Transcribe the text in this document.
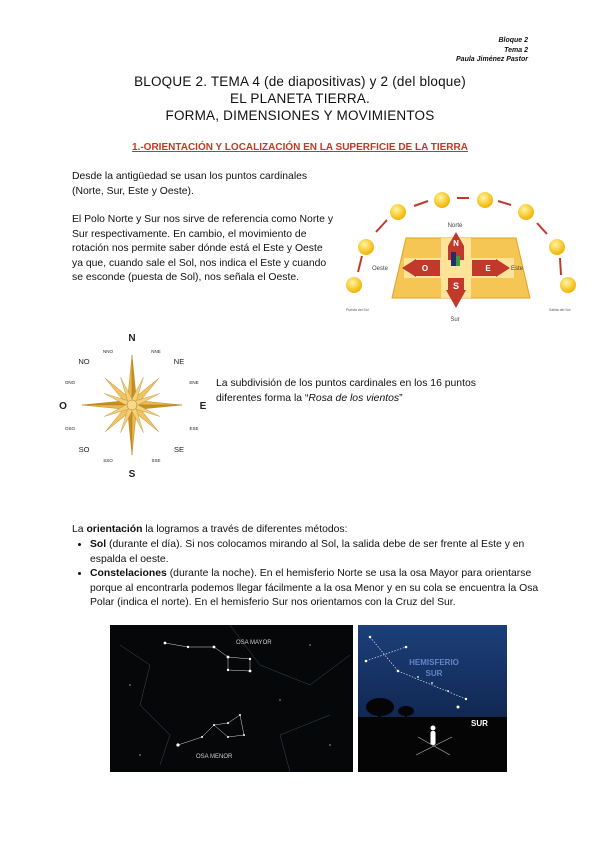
Bloque 2
Tema 2
Paula Jiménez Pastor
BLOQUE 2. TEMA 4 (de diapositivas) y 2 (del bloque)
EL PLANETA TIERRA.
FORMA, DIMENSIONES Y MOVIMIENTOS
1.-ORIENTACIÓN Y LOCALIZACIÓN EN LA SUPERFICIE DE LA TIERRA
Desde la antigüedad se usan los puntos cardinales (Norte, Sur, Este y Oeste).
El Polo Norte y Sur nos sirve de referencia como Norte y Sur respectivamente. En cambio, el movimiento de rotación nos permite saber dónde está el Este y Oeste ya que, cuando sale el Sol, nos indica el Este y cuando se esconde (puesta de Sol), nos señala el Oeste.
N
S
O	E
Norte
Sur
Oeste	Este
Puesta del Sol	Salida del Sol
N
S
E
O
NO	NE
SO	SE
NNO	NNE
ONO	ENE
OSO	ESE
SSO	SSE
La subdivisión de los puntos cardinales en los 16 puntos diferentes forma la “Rosa de los vientos”
La orientación la logramos a través de diferentes métodos:
• Sol (durante el día). Si nos colocamos mirando al Sol, la salida debe de ser frente al Este y en espalda el oeste.
• Constelaciones (durante la noche). En el hemisferio Norte se usa la osa Mayor para orientarse porque al encontrarla podemos llegar fácilmente a la osa Menor y en su cola se encuentra la Osa Polar (indica el norte). En el hemisferio Sur nos orientamos con la Cruz del Sur.
OSA MAYOR
OSA MENOR
HEMISFERIO
SUR
SUR
